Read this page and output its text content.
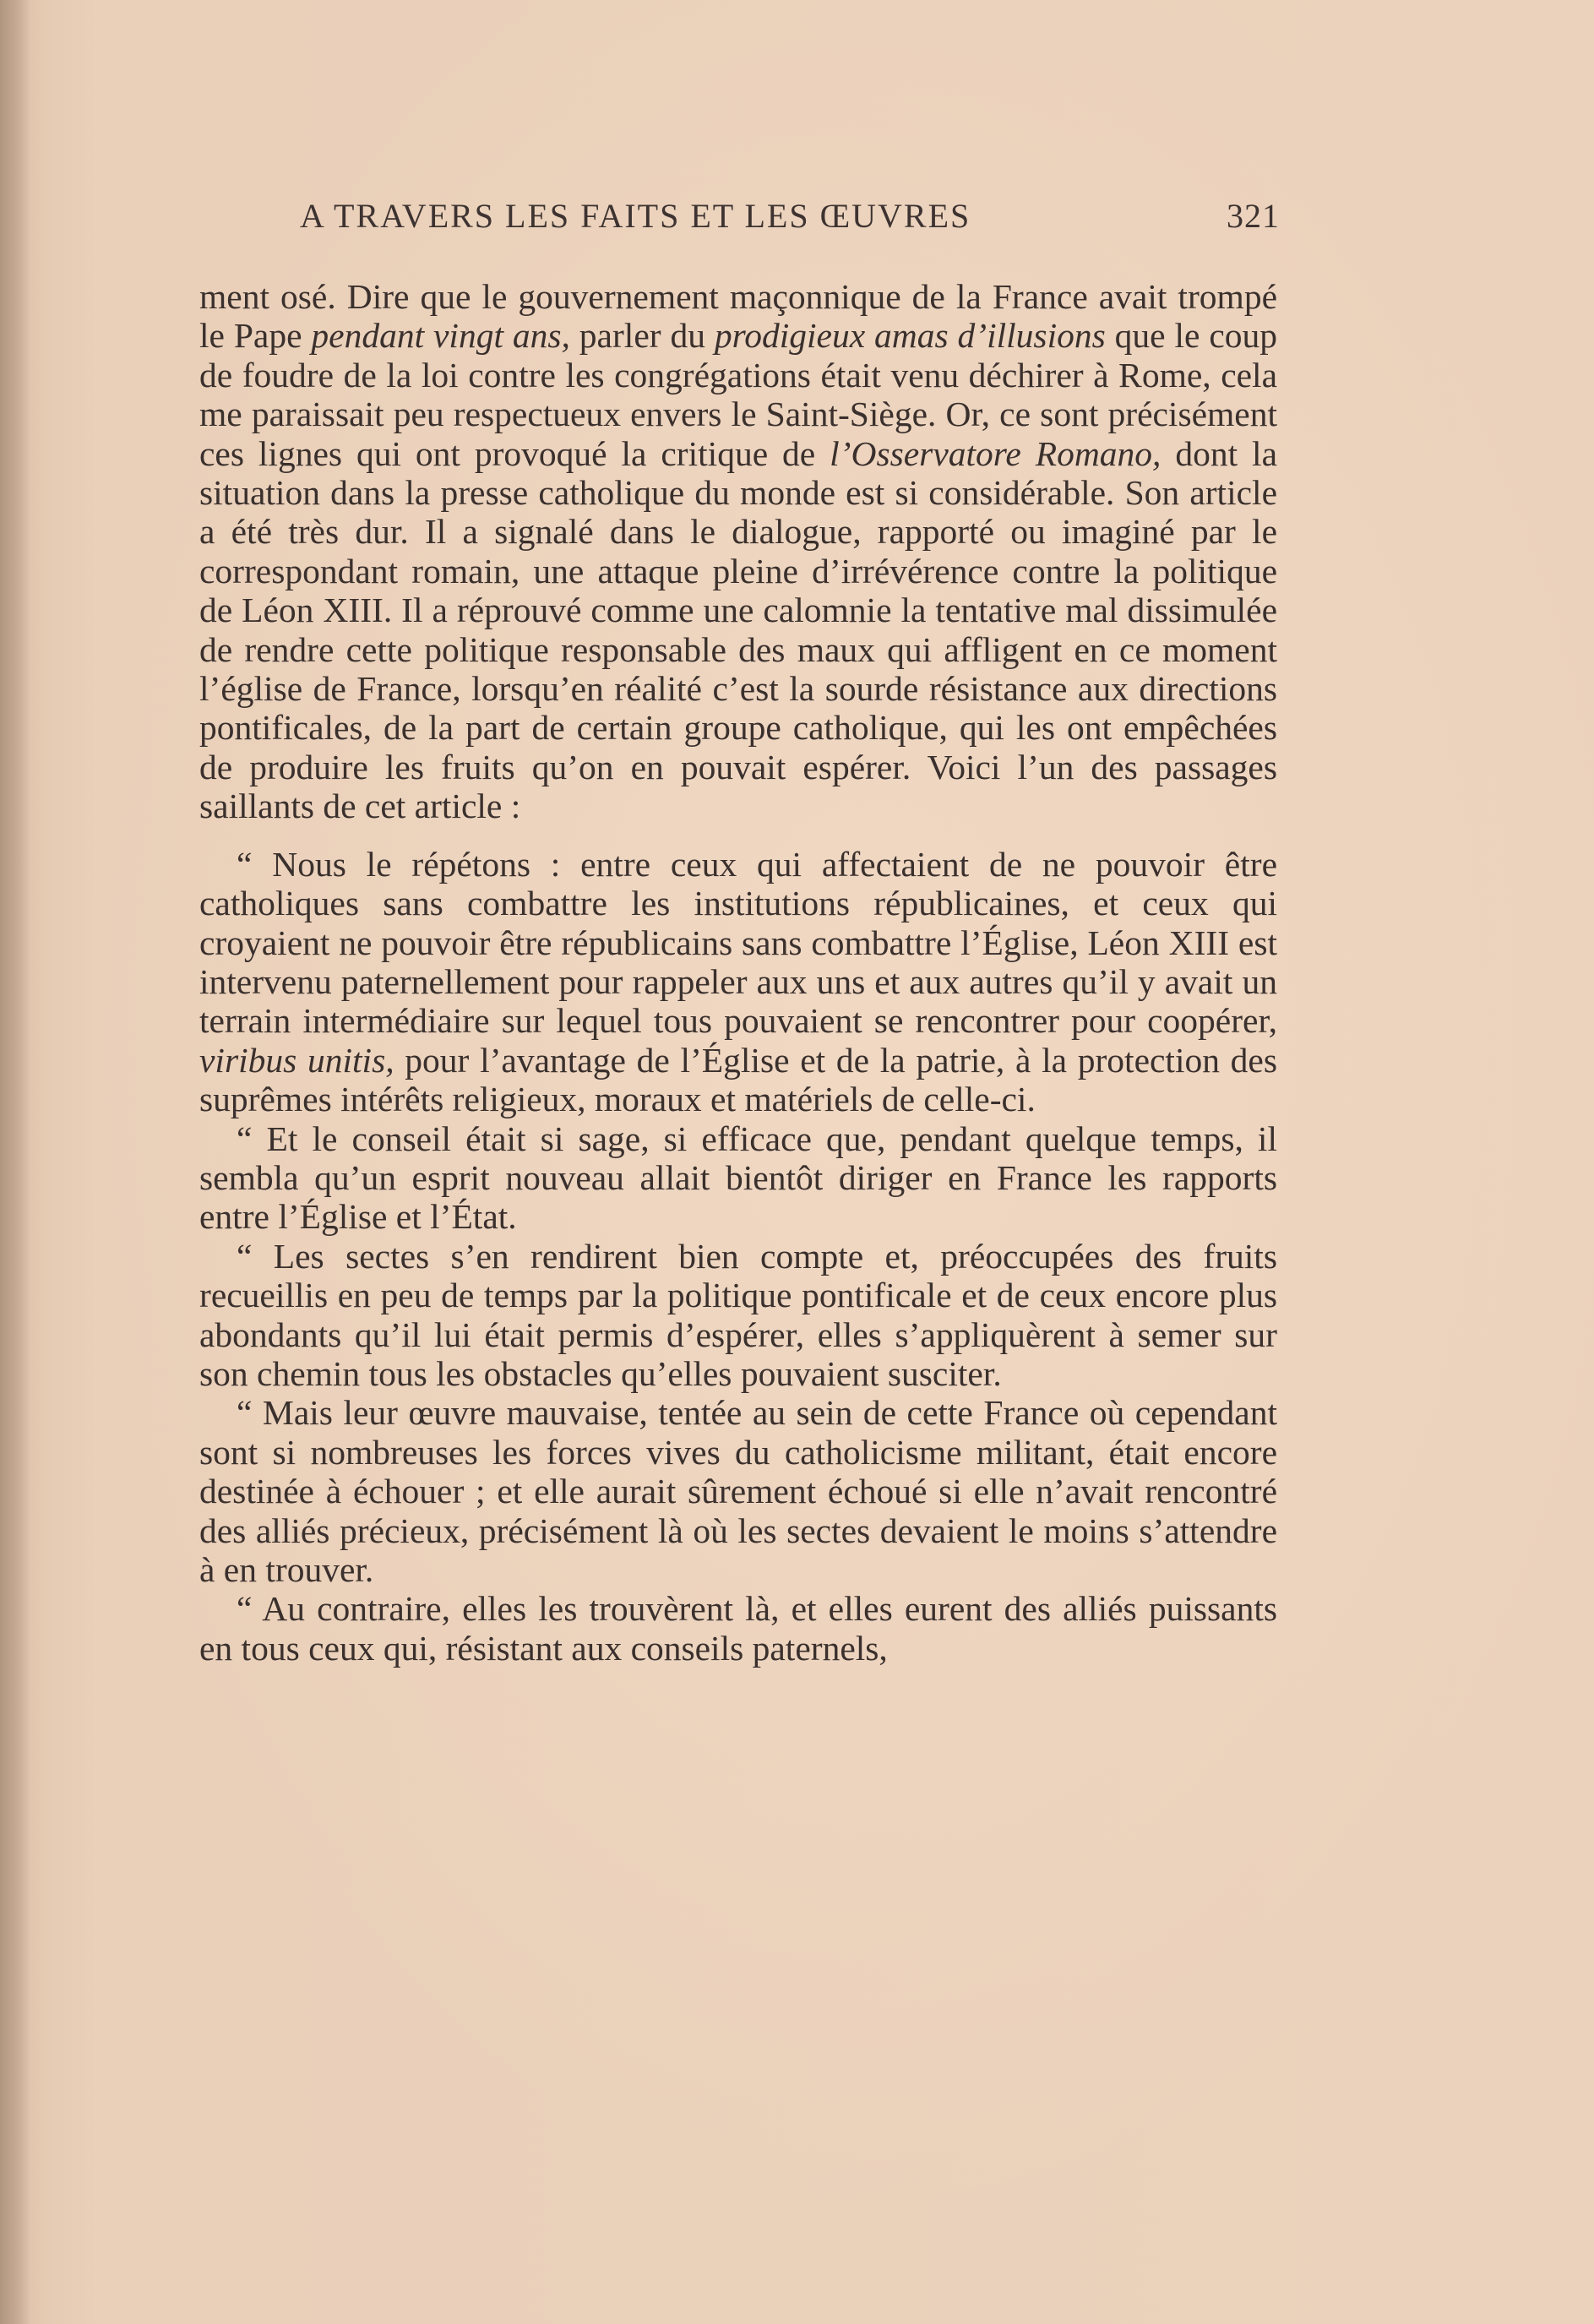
A TRAVERS LES FAITS ET LES ŒUVRES	321

ment osé. Dire que le gouvernement maçonnique de la France avait trompé le Pape pendant vingt ans, parler du prodigieux amas d’illusions que le coup de foudre de la loi contre les congrégations était venu déchirer à Rome, cela me paraissait peu respectueux envers le Saint-Siège. Or, ce sont précisément ces lignes qui ont provoqué la critique de l’Osservatore Romano, dont la situation dans la presse catholique du monde est si considérable. Son article a été très dur. Il a signalé dans le dialogue, rapporté ou imaginé par le correspondant romain, une attaque pleine d’irrévérence contre la politique de Léon XIII. Il a réprouvé comme une calomnie la tentative mal dissimulée de rendre cette politique responsable des maux qui affligent en ce moment l’église de France, lorsqu’en réalité c’est la sourde résistance aux directions pontificales, de la part de certain groupe catholique, qui les ont empêchées de produire les fruits qu’on en pouvait espérer. Voici l’un des passages saillants de cet article :

“ Nous le répétons : entre ceux qui affectaient de ne pouvoir être catholiques sans combattre les institutions républicaines, et ceux qui croyaient ne pouvoir être républicains sans combattre l’Église, Léon XIII est intervenu paternellement pour rappeler aux uns et aux autres qu’il y avait un terrain intermédiaire sur lequel tous pouvaient se rencontrer pour coopérer, viribus unitis, pour l’avantage de l’Église et de la patrie, à la protection des suprêmes intérêts religieux, moraux et matériels de celle-ci.

“ Et le conseil était si sage, si efficace que, pendant quelque temps, il sembla qu’un esprit nouveau allait bientôt diriger en France les rapports entre l’Église et l’État.

“ Les sectes s’en rendirent bien compte et, préoccupées des fruits recueillis en peu de temps par la politique pontificale et de ceux encore plus abondants qu’il lui était permis d’espérer, elles s’appliquèrent à semer sur son chemin tous les obstacles qu’elles pouvaient susciter.

“ Mais leur œuvre mauvaise, tentée au sein de cette France où cependant sont si nombreuses les forces vives du catholicisme militant, était encore destinée à échouer ; et elle aurait sûrement échoué si elle n’avait rencontré des alliés précieux, précisément là où les sectes devaient le moins s’attendre à en trouver.

“ Au contraire, elles les trouvèrent là, et elles eurent des alliés puissants en tous ceux qui, résistant aux conseils paternels,
